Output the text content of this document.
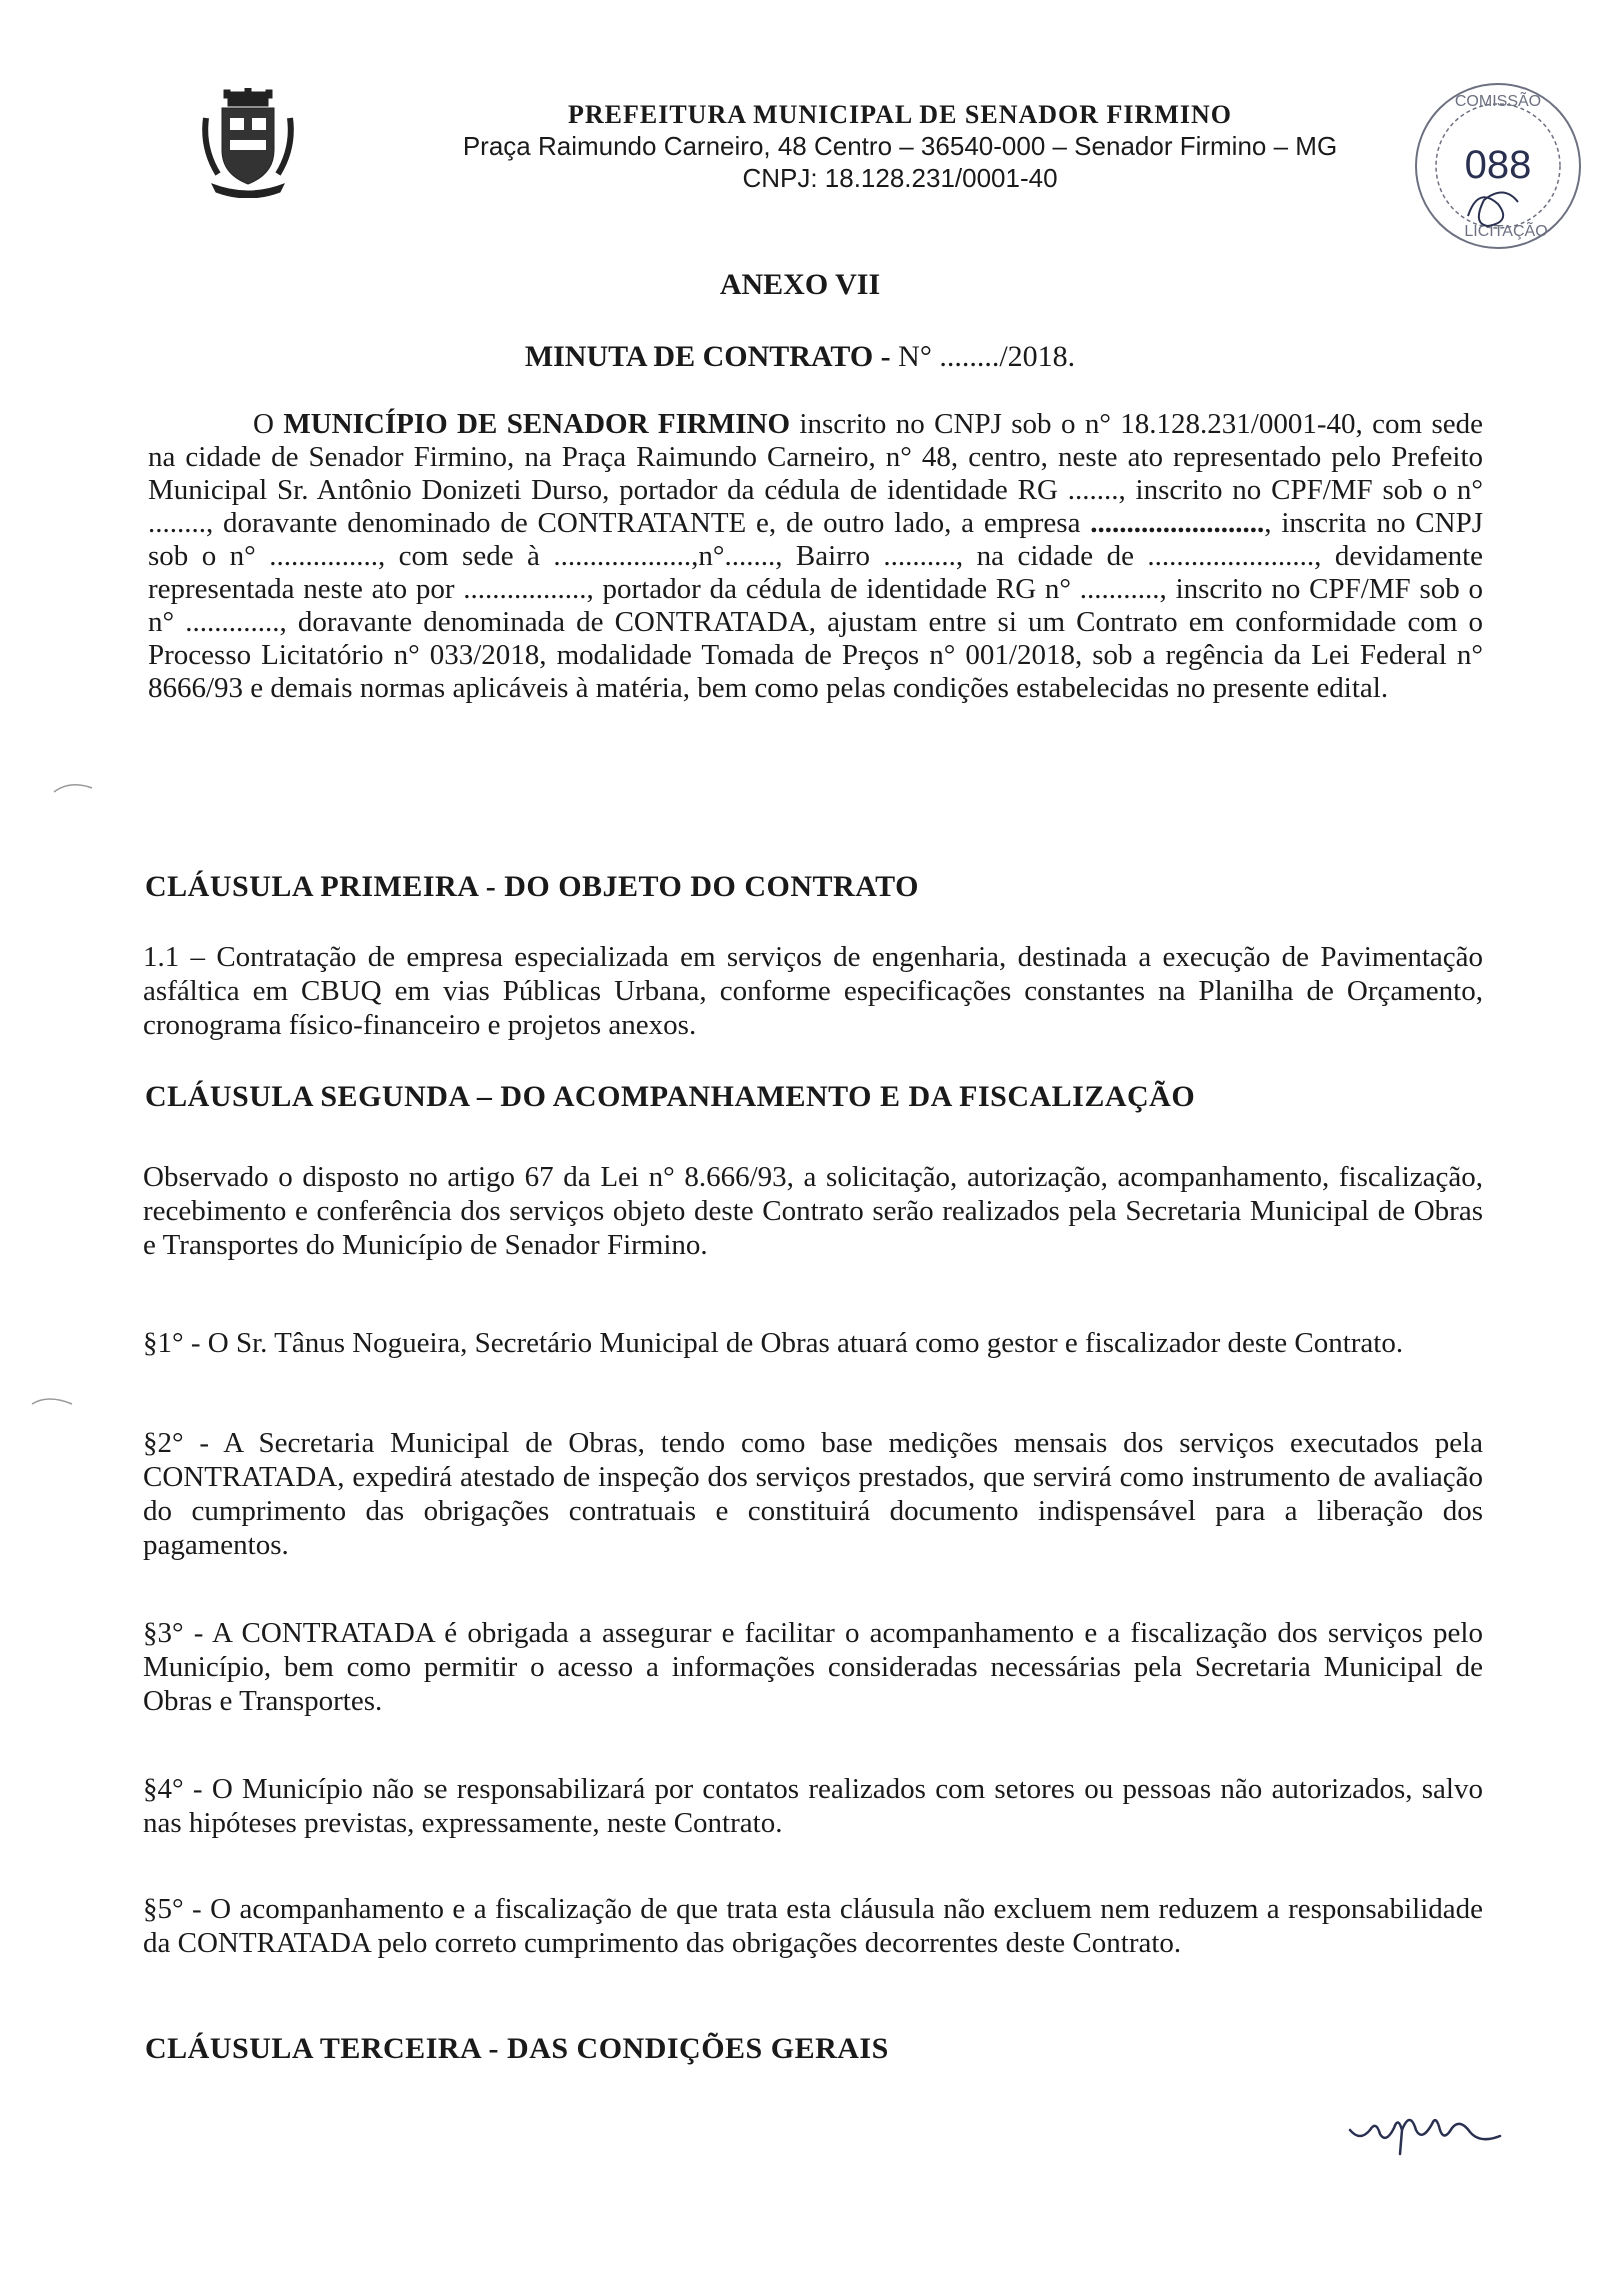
PREFEITURA MUNICIPAL DE SENADOR FIRMINO
Praça Raimundo Carneiro, 48 Centro – 36540-000 – Senador Firmino – MG
CNPJ: 18.128.231/0001-40
COMISSÃO
088
LICITAÇÃO
ANEXO VII
MINUTA DE CONTRATO - N° ......../2018.
O MUNICÍPIO DE SENADOR FIRMINO inscrito no CNPJ sob o n° 18.128.231/0001-40, com sede na cidade de Senador Firmino, na Praça Raimundo Carneiro, n° 48, centro, neste ato representado pelo Prefeito Municipal Sr. Antônio Donizeti Durso, portador da cédula de identidade RG ......., inscrito no CPF/MF sob o n° ........, doravante denominado de CONTRATANTE e, de outro lado, a empresa ........................, inscrita no CNPJ sob o n° ..............., com sede à ...................,n°......., Bairro .........., na cidade de ......................., devidamente representada neste ato por ................., portador da cédula de identidade RG n° ..........., inscrito no CPF/MF sob o n° ............., doravante denominada de CONTRATADA, ajustam entre si um Contrato em conformidade com o Processo Licitatório n° 033/2018, modalidade Tomada de Preços n° 001/2018, sob a regência da Lei Federal n° 8666/93 e demais normas aplicáveis à matéria, bem como pelas condições estabelecidas no presente edital.
CLÁUSULA PRIMEIRA - DO OBJETO DO CONTRATO
1.1 – Contratação de empresa especializada em serviços de engenharia, destinada a execução de Pavimentação asfáltica em CBUQ em vias Públicas Urbana, conforme especificações constantes na Planilha de Orçamento, cronograma físico-financeiro e projetos anexos.
CLÁUSULA SEGUNDA – DO ACOMPANHAMENTO E DA FISCALIZAÇÃO
Observado o disposto no artigo 67 da Lei n° 8.666/93, a solicitação, autorização, acompanhamento, fiscalização, recebimento e conferência dos serviços objeto deste Contrato serão realizados pela Secretaria Municipal de Obras e Transportes do Município de Senador Firmino.
§1° - O Sr. Tânus Nogueira, Secretário Municipal de Obras atuará como gestor e fiscalizador deste Contrato.
§2° - A Secretaria Municipal de Obras, tendo como base medições mensais dos serviços executados pela CONTRATADA, expedirá atestado de inspeção dos serviços prestados, que servirá como instrumento de avaliação do cumprimento das obrigações contratuais e constituirá documento indispensável para a liberação dos pagamentos.
§3° - A CONTRATADA é obrigada a assegurar e facilitar o acompanhamento e a fiscalização dos serviços pelo Município, bem como permitir o acesso a informações consideradas necessárias pela Secretaria Municipal de Obras e Transportes.
§4° - O Município não se responsabilizará por contatos realizados com setores ou pessoas não autorizados, salvo nas hipóteses previstas, expressamente, neste Contrato.
§5° - O acompanhamento e a fiscalização de que trata esta cláusula não excluem nem reduzem a responsabilidade da CONTRATADA pelo correto cumprimento das obrigações decorrentes deste Contrato.
CLÁUSULA TERCEIRA - DAS CONDIÇÕES GERAIS
